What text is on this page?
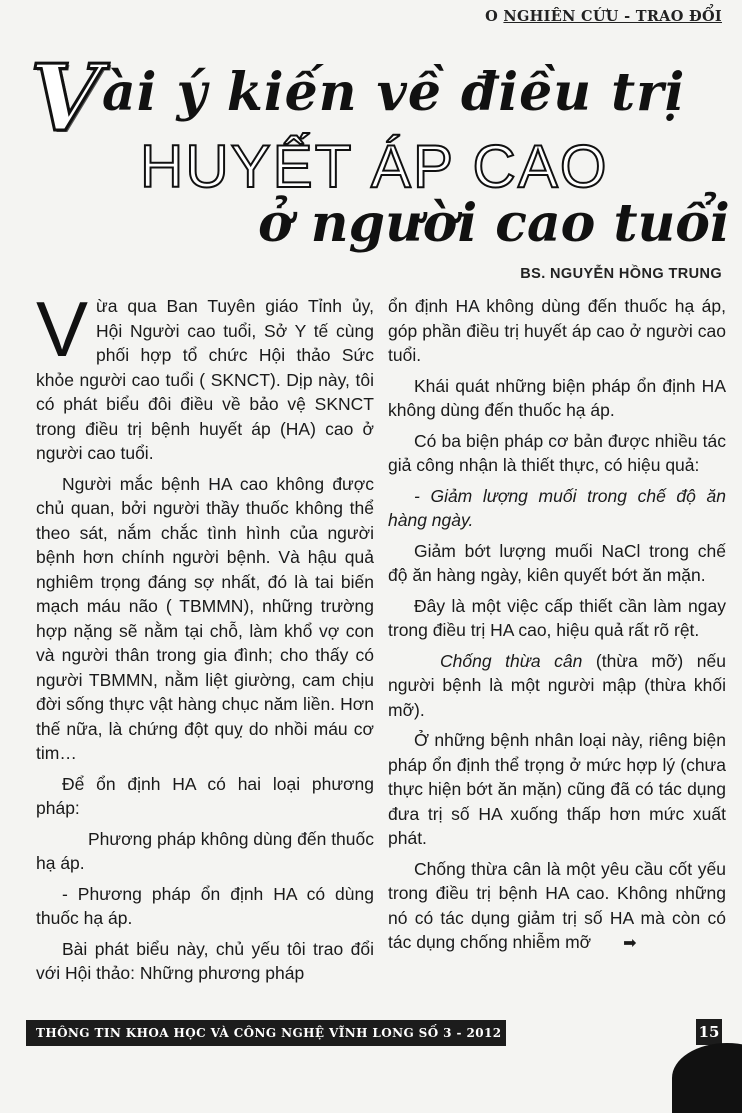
O NGHIÊN CỨU - TRAO ĐỔI
V ài ý kiến về điều trị
HUYẾT ÁP CAO
ở người cao tuổi
BS. NGUYỄN HỒNG TRUNG

Vừa qua Ban Tuyên giáo Tỉnh ủy, Hội Người cao tuổi, Sở Y tế cùng phối hợp tổ chức Hội thảo Sức khỏe người cao tuổi ( SKNCT). Dịp này, tôi có phát biểu đôi điều về bảo vệ SKNCT trong điều trị bệnh huyết áp (HA) cao ở người cao tuổi.

Người mắc bệnh HA cao không được chủ quan, bởi người thầy thuốc không thể theo sát, nắm chắc tình hình của người bệnh hơn chính người bệnh. Và hậu quả nghiêm trọng đáng sợ nhất, đó là tai biến mạch máu não ( TBMMN), những trường hợp nặng sẽ nằm tại chỗ, làm khổ vợ con và người thân trong gia đình; cho thấy có người TBMMN, nằm liệt giường, cam chịu đời sống thực vật hàng chục năm liền. Hơn thế nữa, là chứng đột quỵ do nhồi máu cơ tim…

Để ổn định HA có hai loại phương pháp:

Phương pháp không dùng đến thuốc hạ áp.

- Phương pháp ổn định HA có dùng thuốc hạ áp.

Bài phát biểu này, chủ yếu tôi trao đổi với Hội thảo: Những phương pháp

ổn định HA không dùng đến thuốc hạ áp, góp phần điều trị huyết áp cao ở người cao tuổi.

Khái quát những biện pháp ổn định HA không dùng đến thuốc hạ áp.

Có ba biện pháp cơ bản được nhiều tác giả công nhận là thiết thực, có hiệu quả:

- Giảm lượng muối trong chế độ ăn hàng ngày.

Giảm bớt lượng muối NaCl trong chế độ ăn hàng ngày, kiên quyết bớt ăn mặn.

Đây là một việc cấp thiết cần làm ngay trong điều trị HA cao, hiệu quả rất rõ rệt.

Chống thừa cân (thừa mỡ) nếu người bệnh là một người mập (thừa khối mỡ).

Ở những bệnh nhân loại này, riêng biện pháp ổn định thể trọng ở mức hợp lý (chưa thực hiện bớt ăn mặn) cũng đã có tác dụng đưa trị số HA xuống thấp hơn mức xuất phát.

Chống thừa cân là một yêu cầu cốt yếu trong điều trị bệnh HA cao. Không những nó có tác dụng giảm trị số HA mà còn có tác dụng chống nhiễm mỡ ➡

THÔNG TIN KHOA HỌC VÀ CÔNG NGHỆ VĨNH LONG SỐ 3 - 2012	15
